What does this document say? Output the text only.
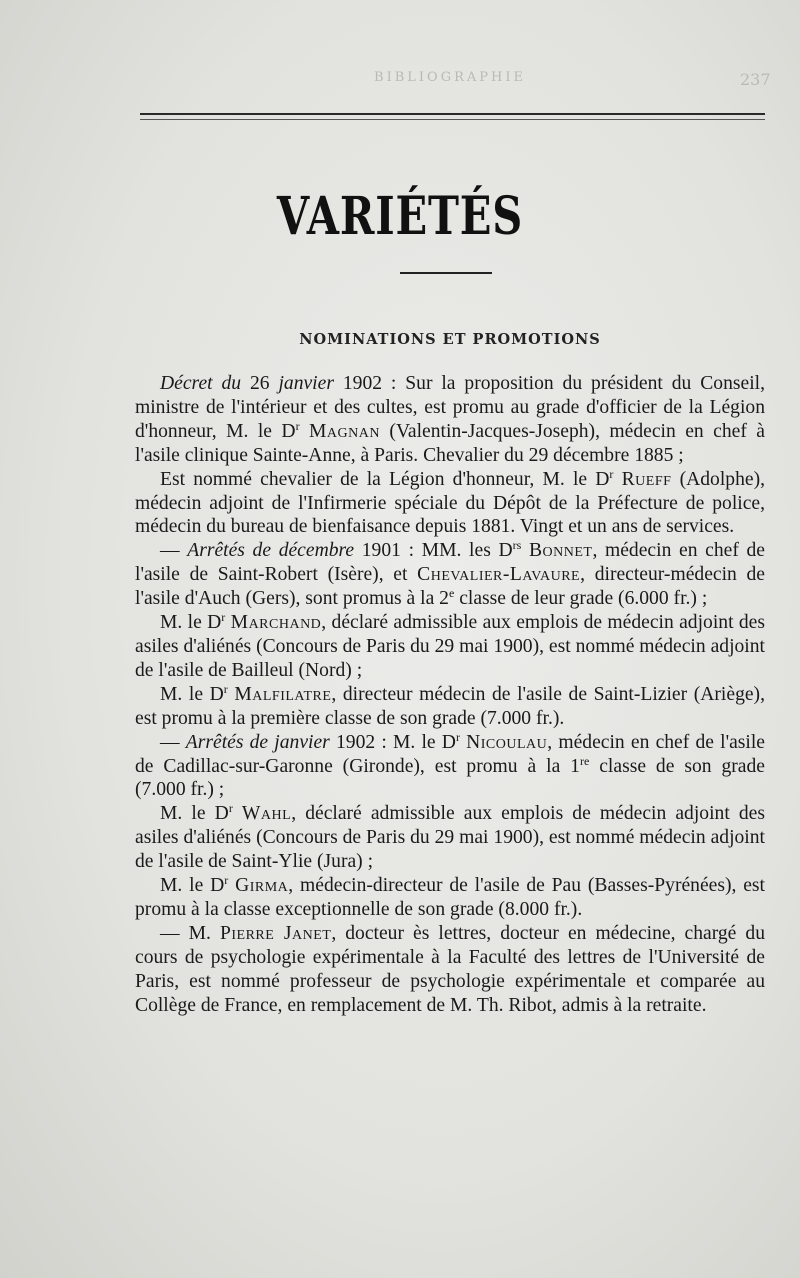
BIBLIOGRAPHIE	237
VARIÉTÉS
NOMINATIONS ET PROMOTIONS

Décret du 26 janvier 1902 : Sur la proposition du président du Conseil, ministre de l'intérieur et des cultes, est promu au grade d'officier de la Légion d'honneur, M. le $D^r$ Magnan (Valentin-Jacques-Joseph), médecin en chef à l'asile clinique Sainte-Anne, à Paris. Chevalier du 29 décembre 1885 ;

Est nommé chevalier de la Légion d'honneur, M. le $D^r$ Rueff (Adolphe), médecin adjoint de l'Infirmerie spéciale du Dépôt de la Préfecture de police, médecin du bureau de bienfaisance depuis 1881. Vingt et un ans de services.

— Arrêtés de décembre 1901 : MM. les $D^{rs}$ Bonnet, médecin en chef de l'asile de Saint-Robert (Isère), et Chevalier-Lavaure, directeur-médecin de l'asile d'Auch (Gers), sont promus à la 2e classe de leur grade (6.000 fr.) ;

M. le $D^r$ Marchand, déclaré admissible aux emplois de médecin adjoint des asiles d'aliénés (Concours de Paris du 29 mai 1900), est nommé médecin adjoint de l'asile de Bailleul (Nord) ;

M. le $D^r$ Malfilatre, directeur médecin de l'asile de Saint-Lizier (Ariège), est promu à la première classe de son grade (7.000 fr.).

— Arrêtés de janvier 1902 : M. le $D^r$ Nicoulau, médecin en chef de l'asile de Cadillac-sur-Garonne (Gironde), est promu à la 1re classe de son grade (7.000 fr.) ;

M. le $D^r$ Wahl, déclaré admissible aux emplois de médecin adjoint des asiles d'aliénés (Concours de Paris du 29 mai 1900), est nommé médecin adjoint de l'asile de Saint-Ylie (Jura) ;

M. le $D^r$ Girma, médecin-directeur de l'asile de Pau (Basses-Pyrénées), est promu à la classe exceptionnelle de son grade (8.000 fr.).

— M. Pierre Janet, docteur ès lettres, docteur en médecine, chargé du cours de psychologie expérimentale à la Faculté des lettres de l'Université de Paris, est nommé professeur de psychologie expérimentale et comparée au Collège de France, en remplacement de M. Th. Ribot, admis à la retraite.
